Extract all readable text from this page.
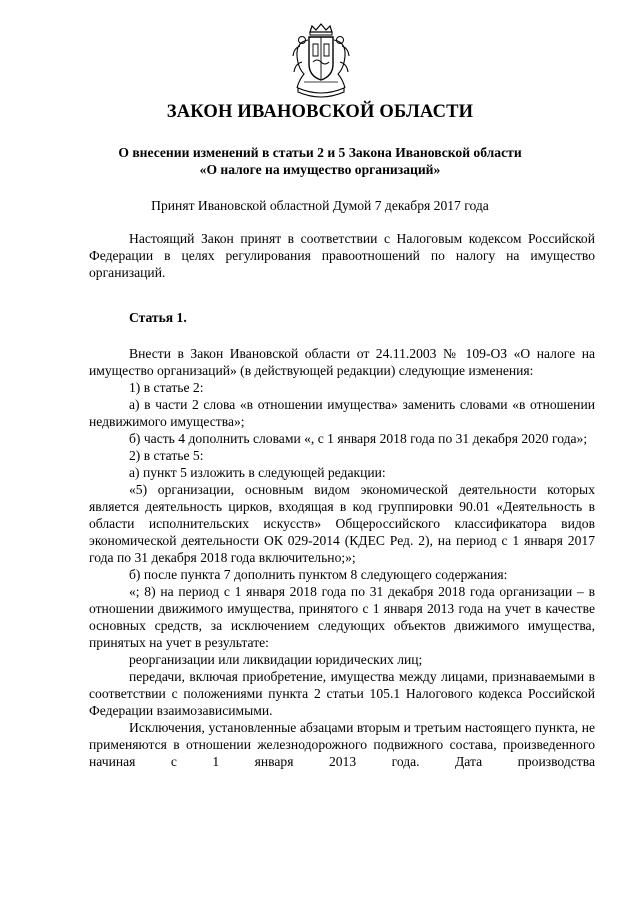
ЗАКОН ИВАНОВСКОЙ ОБЛАСТИ

О внесении изменений в статьи 2 и 5 Закона Ивановской области
«О налоге на имущество организаций»

Принят Ивановской областной Думой 7 декабря 2017 года

Настоящий Закон принят в соответствии с Налоговым кодексом Российской Федерации в целях регулирования правоотношений по налогу на имущество организаций.

Статья 1.

Внести в Закон Ивановской области от 24.11.2003 № 109-ОЗ «О налоге на имущество организаций» (в действующей редакции) следующие изменения:

1) в статье 2:

а) в части 2 слова «в отношении имущества» заменить словами «в отношении недвижимого имущества»;

б) часть 4 дополнить словами «, с 1 января 2018 года по 31 декабря 2020 года»;

2) в статье 5:

а) пункт 5 изложить в следующей редакции:

«5) организации, основным видом экономической деятельности которых является деятельность цирков, входящая в код группировки 90.01 «Деятельность в области исполнительских искусств» Общероссийского классификатора видов экономической деятельности ОК 029-2014 (КДЕС Ред. 2), на период с 1 января 2017 года по 31 декабря 2018 года включительно;»;

б) после пункта 7 дополнить пунктом 8 следующего содержания:

«; 8) на период с 1 января 2018 года по 31 декабря 2018 года организации – в отношении движимого имущества, принятого с 1 января 2013 года на учет в качестве основных средств, за исключением следующих объектов движимого имущества, принятых на учет в результате:

реорганизации или ликвидации юридических лиц;

передачи, включая приобретение, имущества между лицами, признаваемыми в соответствии с положениями пункта 2 статьи 105.1 Налогового кодекса Российской Федерации взаимозависимыми.

Исключения, установленные абзацами вторым и третьим настоящего пункта, не применяются в отношении железнодорожного подвижного состава, произведенного начиная с 1 января 2013 года. Дата производства
